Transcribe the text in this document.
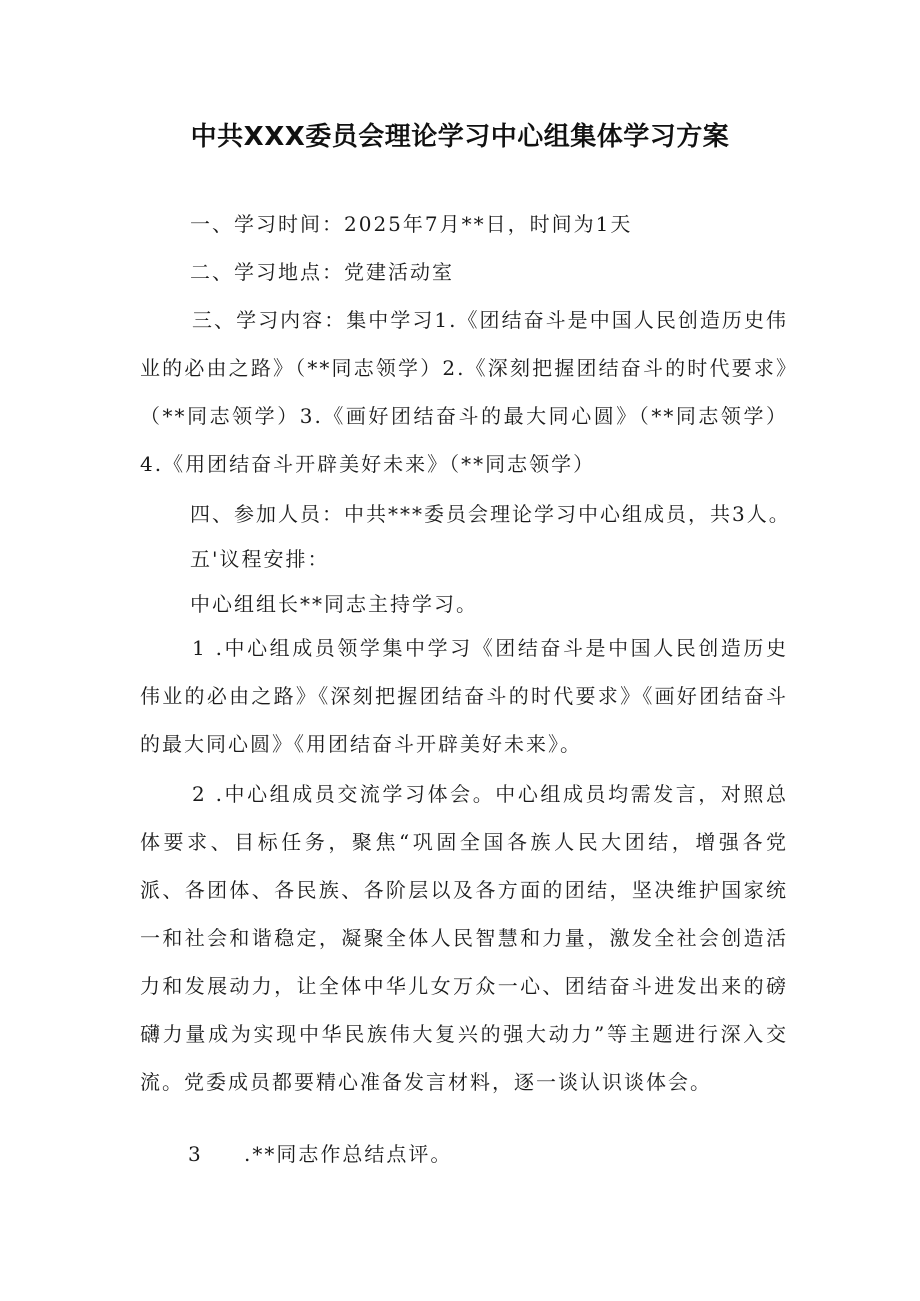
中共XXX委员会理论学习中心组集体学习方案
一、学习时间：2025年7月**日，时间为1天
二、学习地点：党建活动室
三、学习内容：集中学习1.《团结奋斗是中国人民创造历史伟业的必由之路》（**同志领学）2.《深刻把握团结奋斗的时代要求》（**同志领学）3.《画好团结奋斗的最大同心圆》（**同志领学）4.《用团结奋斗开辟美好未来》（**同志领学）
四、参加人员：中共***委员会理论学习中心组成员，共3人。
五'议程安排：
中心组组长**同志主持学习。
1 .中心组成员领学集中学习《团结奋斗是中国人民创造历史伟业的必由之路》《深刻把握团结奋斗的时代要求》《画好团结奋斗的最大同心圆》《用团结奋斗开辟美好未来》。
2 .中心组成员交流学习体会。中心组成员均需发言，对照总体要求、目标任务，聚焦“巩固全国各族人民大团结，增强各党派、各团体、各民族、各阶层以及各方面的团结，坚决维护国家统一和社会和谐稳定，凝聚全体人民智慧和力量，激发全社会创造活力和发展动力，让全体中华儿女万众一心、团结奋斗进发出来的磅礴力量成为实现中华民族伟大复兴的强大动力”等主题进行深入交流。党委成员都要精心准备发言材料，逐一谈认识谈体会。
3 .**同志作总结点评。
